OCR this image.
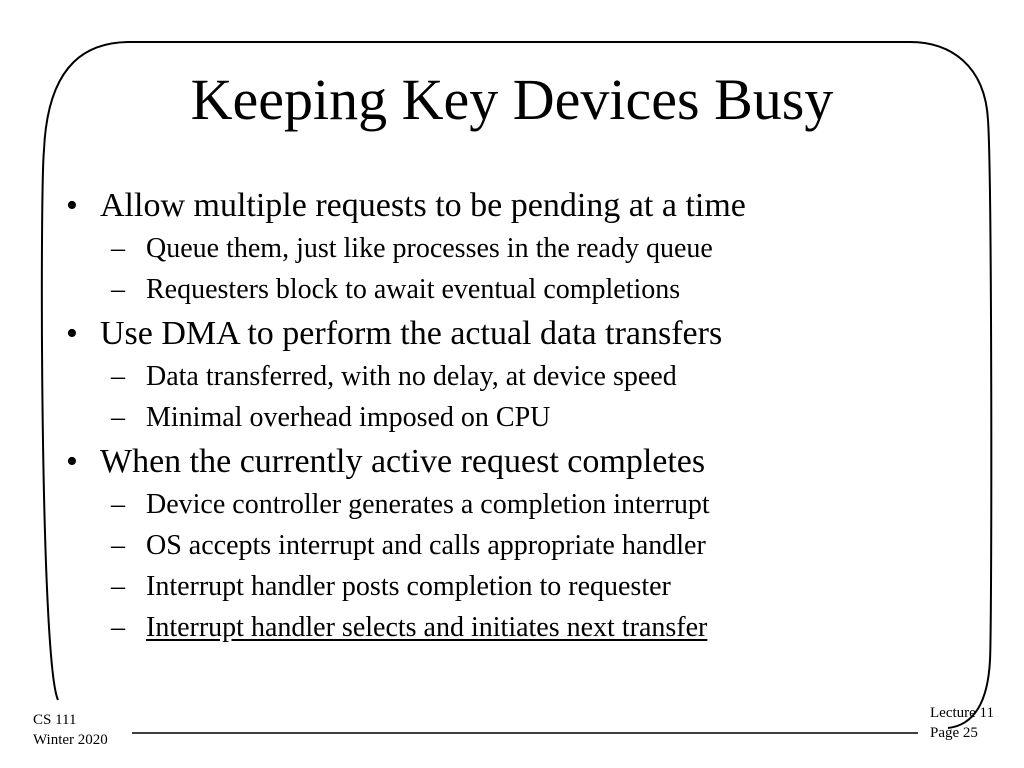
Keeping Key Devices Busy
• Allow multiple requests to be pending at a time
– Queue them, just like processes in the ready queue
– Requesters block to await eventual completions
• Use DMA to perform the actual data transfers
– Data transferred, with no delay, at device speed
– Minimal overhead imposed on CPU
• When the currently active request completes
– Device controller generates a completion interrupt
– OS accepts interrupt and calls appropriate handler
– Interrupt handler posts completion to requester
– Interrupt handler selects and initiates next transfer
CS 111
Winter 2020
Lecture 11
Page 25
